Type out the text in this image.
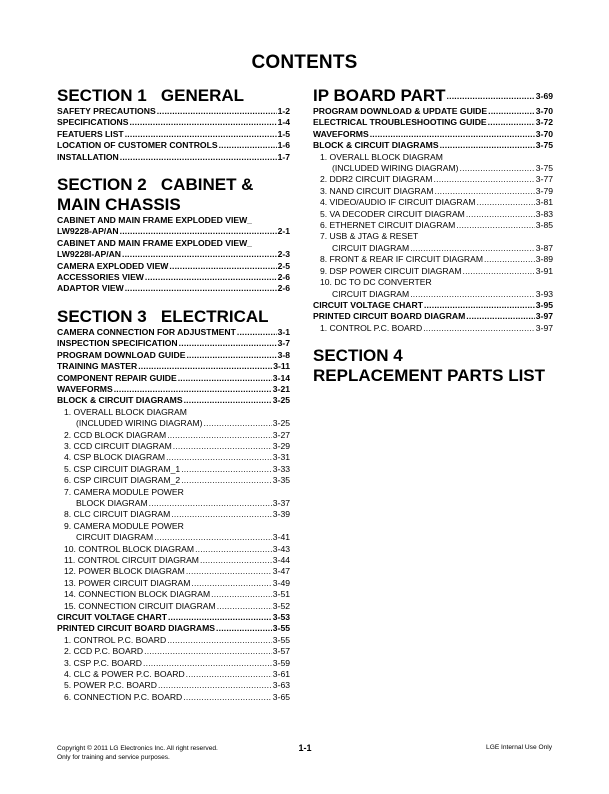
CONTENTS
SECTION 1   GENERAL
SAFETY PRECAUTIONS .....	1-2
SPECIFICATIONS .....	1-4
FEATUERS LIST .....	1-5
LOCATION OF CUSTOMER CONTROLS .....	1-6
INSTALLATION .....	1-7
SECTION 2   CABINET &
MAIN CHASSIS
CABINET AND MAIN FRAME EXPLODED VIEW_
LW9228-AP/AN .....	2-1
CABINET AND MAIN FRAME EXPLODED VIEW_
LW9228I-AP/AN .....	2-3
CAMERA EXPLODED VIEW .....	2-5
ACCESSORIES VIEW .....	2-6
ADAPTOR VIEW .....	2-6
SECTION 3   ELECTRICAL
CAMERA CONNECTION FOR ADJUSTMENT .....	3-1
INSPECTION SPECIFICATION .....	3-7
PROGRAM DOWNLOAD GUIDE .....	3-8
TRAINING MASTER .....	3-11
COMPONENT REPAIR GUIDE .....	3-14
WAVEFORMS .....	3-21
BLOCK & CIRCUIT DIAGRAMS .....	3-25
1. OVERALL BLOCK DIAGRAM
(INCLUDED WIRING DIAGRAM) .....	3-25
2. CCD BLOCK DIAGRAM .....	3-27
3. CCD CIRCUIT DIAGRAM .....	3-29
4. CSP BLOCK DIAGRAM .....	3-31
5. CSP CIRCUIT DIAGRAM_1 .....	3-33
6. CSP CIRCUIT DIAGRAM_2 .....	3-35
7. CAMERA MODULE POWER
BLOCK DIAGRAM .....	3-37
8. CLC CIRCUIT DIAGRAM .....	3-39
9. CAMERA MODULE POWER
CIRCUIT DIAGRAM .....	3-41
10. CONTROL BLOCK DIAGRAM .....	3-43
11. CONTROL CIRCUIT DIAGRAM .....	3-44
12. POWER BLOCK DIAGRAM .....	3-47
13. POWER CIRCUIT DIAGRAM .....	3-49
14. CONNECTION BLOCK DIAGRAM .....	3-51
15. CONNECTION CIRCUIT DIAGRAM .....	3-52
CIRCUIT VOLTAGE CHART .....	3-53
PRINTED CIRCUIT BOARD DIAGRAMS .....	3-55
1. CONTROL P.C. BOARD .....	3-55
2. CCD P.C. BOARD .....	3-57
3. CSP P.C. BOARD .....	3-59
4. CLC & POWER P.C. BOARD .....	3-61
5. POWER P.C. BOARD .....	3-63
6. CONNECTION P.C. BOARD .....	3-65
IP BOARD PART .....	3-69
PROGRAM DOWNLOAD & UPDATE GUIDE .....	3-70
ELECTRICAL TROUBLESHOOTING GUIDE .....	3-72
WAVEFORMS .....	3-70
BLOCK & CIRCUIT DIAGRAMS .....	3-75
1. OVERALL BLOCK DIAGRAM
(INCLUDED WIRING DIAGRAM) .....	3-75
2. DDR2 CIRCUIT DIAGRAM .....	3-77
3. NAND CIRCUIT DIAGRAM .....	3-79
4. VIDEO/AUDIO IF CIRCUIT DIAGRAM .....	3-81
5. VA DECODER CIRCUIT DIAGRAM .....	3-83
6. ETHERNET CIRCUIT DIAGRAM .....	3-85
7. USB & JTAG & RESET
CIRCUIT DIAGRAM .....	3-87
8. FRONT & REAR IF CIRCUIT DIAGRAM .....	3-89
9. DSP POWER CIRCUIT DIAGRAM .....	3-91
10. DC TO DC CONVERTER
CIRCUIT DIAGRAM .....	3-93
CIRCUIT VOLTAGE CHART .....	3-95
PRINTED CIRCUIT BOARD DIAGRAM .....	3-97
1. CONTROL P.C. BOARD .....	3-97
SECTION 4
REPLACEMENT PARTS LIST
Copyright © 2011 LG Electronics Inc. All right reserved.
Only for training and service purposes.
1-1	LGE Internal Use Only
